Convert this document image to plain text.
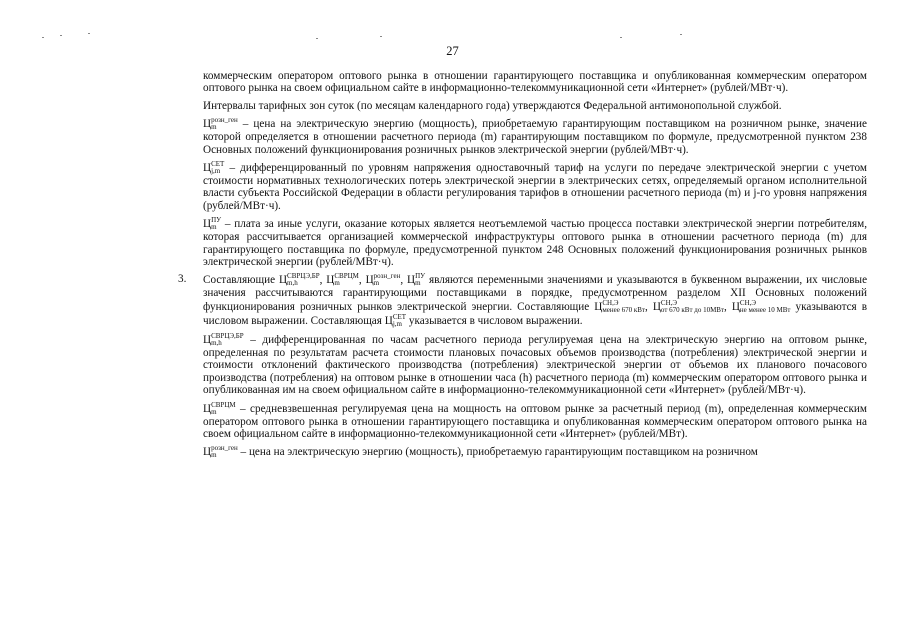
27

коммерческим оператором оптового рынка в отношении гарантирующего поставщика и опубликованная коммерческим оператором оптового рынка на своем официальном сайте в информационно-телекоммуникационной сети «Интернет» (рублей/МВт·ч).

Интервалы тарифных зон суток (по месяцам календарного года) утверждаются Федеральной антимонопольной службой.

Ц розн_ген
m	– цена на электрическую энергию (мощность), приобретаемую гарантирующим поставщиком на розничном рынке, значение которой определяется в отношении расчетного периода (m) гарантирующим поставщиком по формуле, предусмотренной пунктом 238 Основных положений функционирования розничных рынков электрической энергии (рублей/МВт·ч).

Ц СЕТ
j,m – дифференцированный по уровням напряжения одноставочный тариф на услуги по передаче электрической энергии с учетом стоимости нормативных технологических потерь электрической энергии в электрических сетях, определяемый органом исполнительной власти субъекта Российской Федерации в области регулирования тарифов в отношении расчетного периода (m) и j-го уровня напряжения (рублей/МВт·ч).

Ц ПУ
m – плата за иные услуги, оказание которых является неотъемлемой частью процесса поставки электрической энергии потребителям, которая рассчитывается организацией коммерческой инфраструктуры оптового рынка в отношении расчетного периода (m) для гарантирующего поставщика по формуле, предусмотренной пунктом 248 Основных положений функционирования розничных рынков электрической энергии (рублей/МВт·ч).

3. Составляющие Ц СВРЦЭ,БР
m,h	, Ц СВРЦМ
m	, Ц розн_ген
m	, Ц ПУ
m являются переменными значениями и указываются в буквенном выражении, их числовые значения рассчитываются гарантирующими поставщиками в порядке, предусмотренном разделом XII Основных положений функционирования розничных рынков электрической энергии. Составляющие Ц СН,Э
менее 670 кВт , Ц СН,Э
от 670 кВт до 10МВт , Ц СН,Э
не менее 10 МВт указываются в числовом выражении. Составляющая Ц СЕТ
j,m указывается в числовом выражении.

Ц СВРЦЭ,БР
m,h	– дифференцированная по часам расчетного периода регулируемая цена на электрическую энергию на оптовом рынке, определенная по результатам расчета стоимости плановых почасовых объемов производства (потребления) электрической энергии и стоимости отклонений фактического производства (потребления) электрической энергии от объемов их планового почасового производства (потребления) на оптовом рынке в отношении часа (h) расчетного периода (m) коммерческим оператором оптового рынка и опубликованная им на своем официальном сайте в информационно-телекоммуникационной сети «Интернет» (рублей/МВт·ч).

Ц СВРЦМ
m	– средневзвешенная регулируемая цена на мощность на оптовом рынке за расчетный период (m), определенная коммерческим оператором оптового рынка в отношении гарантирующего поставщика и опубликованная коммерческим оператором оптового рынка на своем официальном сайте в информационно-телекоммуникационной сети «Интернет» (рублей/МВт).

Ц розн_ген
m	– цена на электрическую энергию (мощность), приобретаемую гарантирующим поставщиком на розничном
